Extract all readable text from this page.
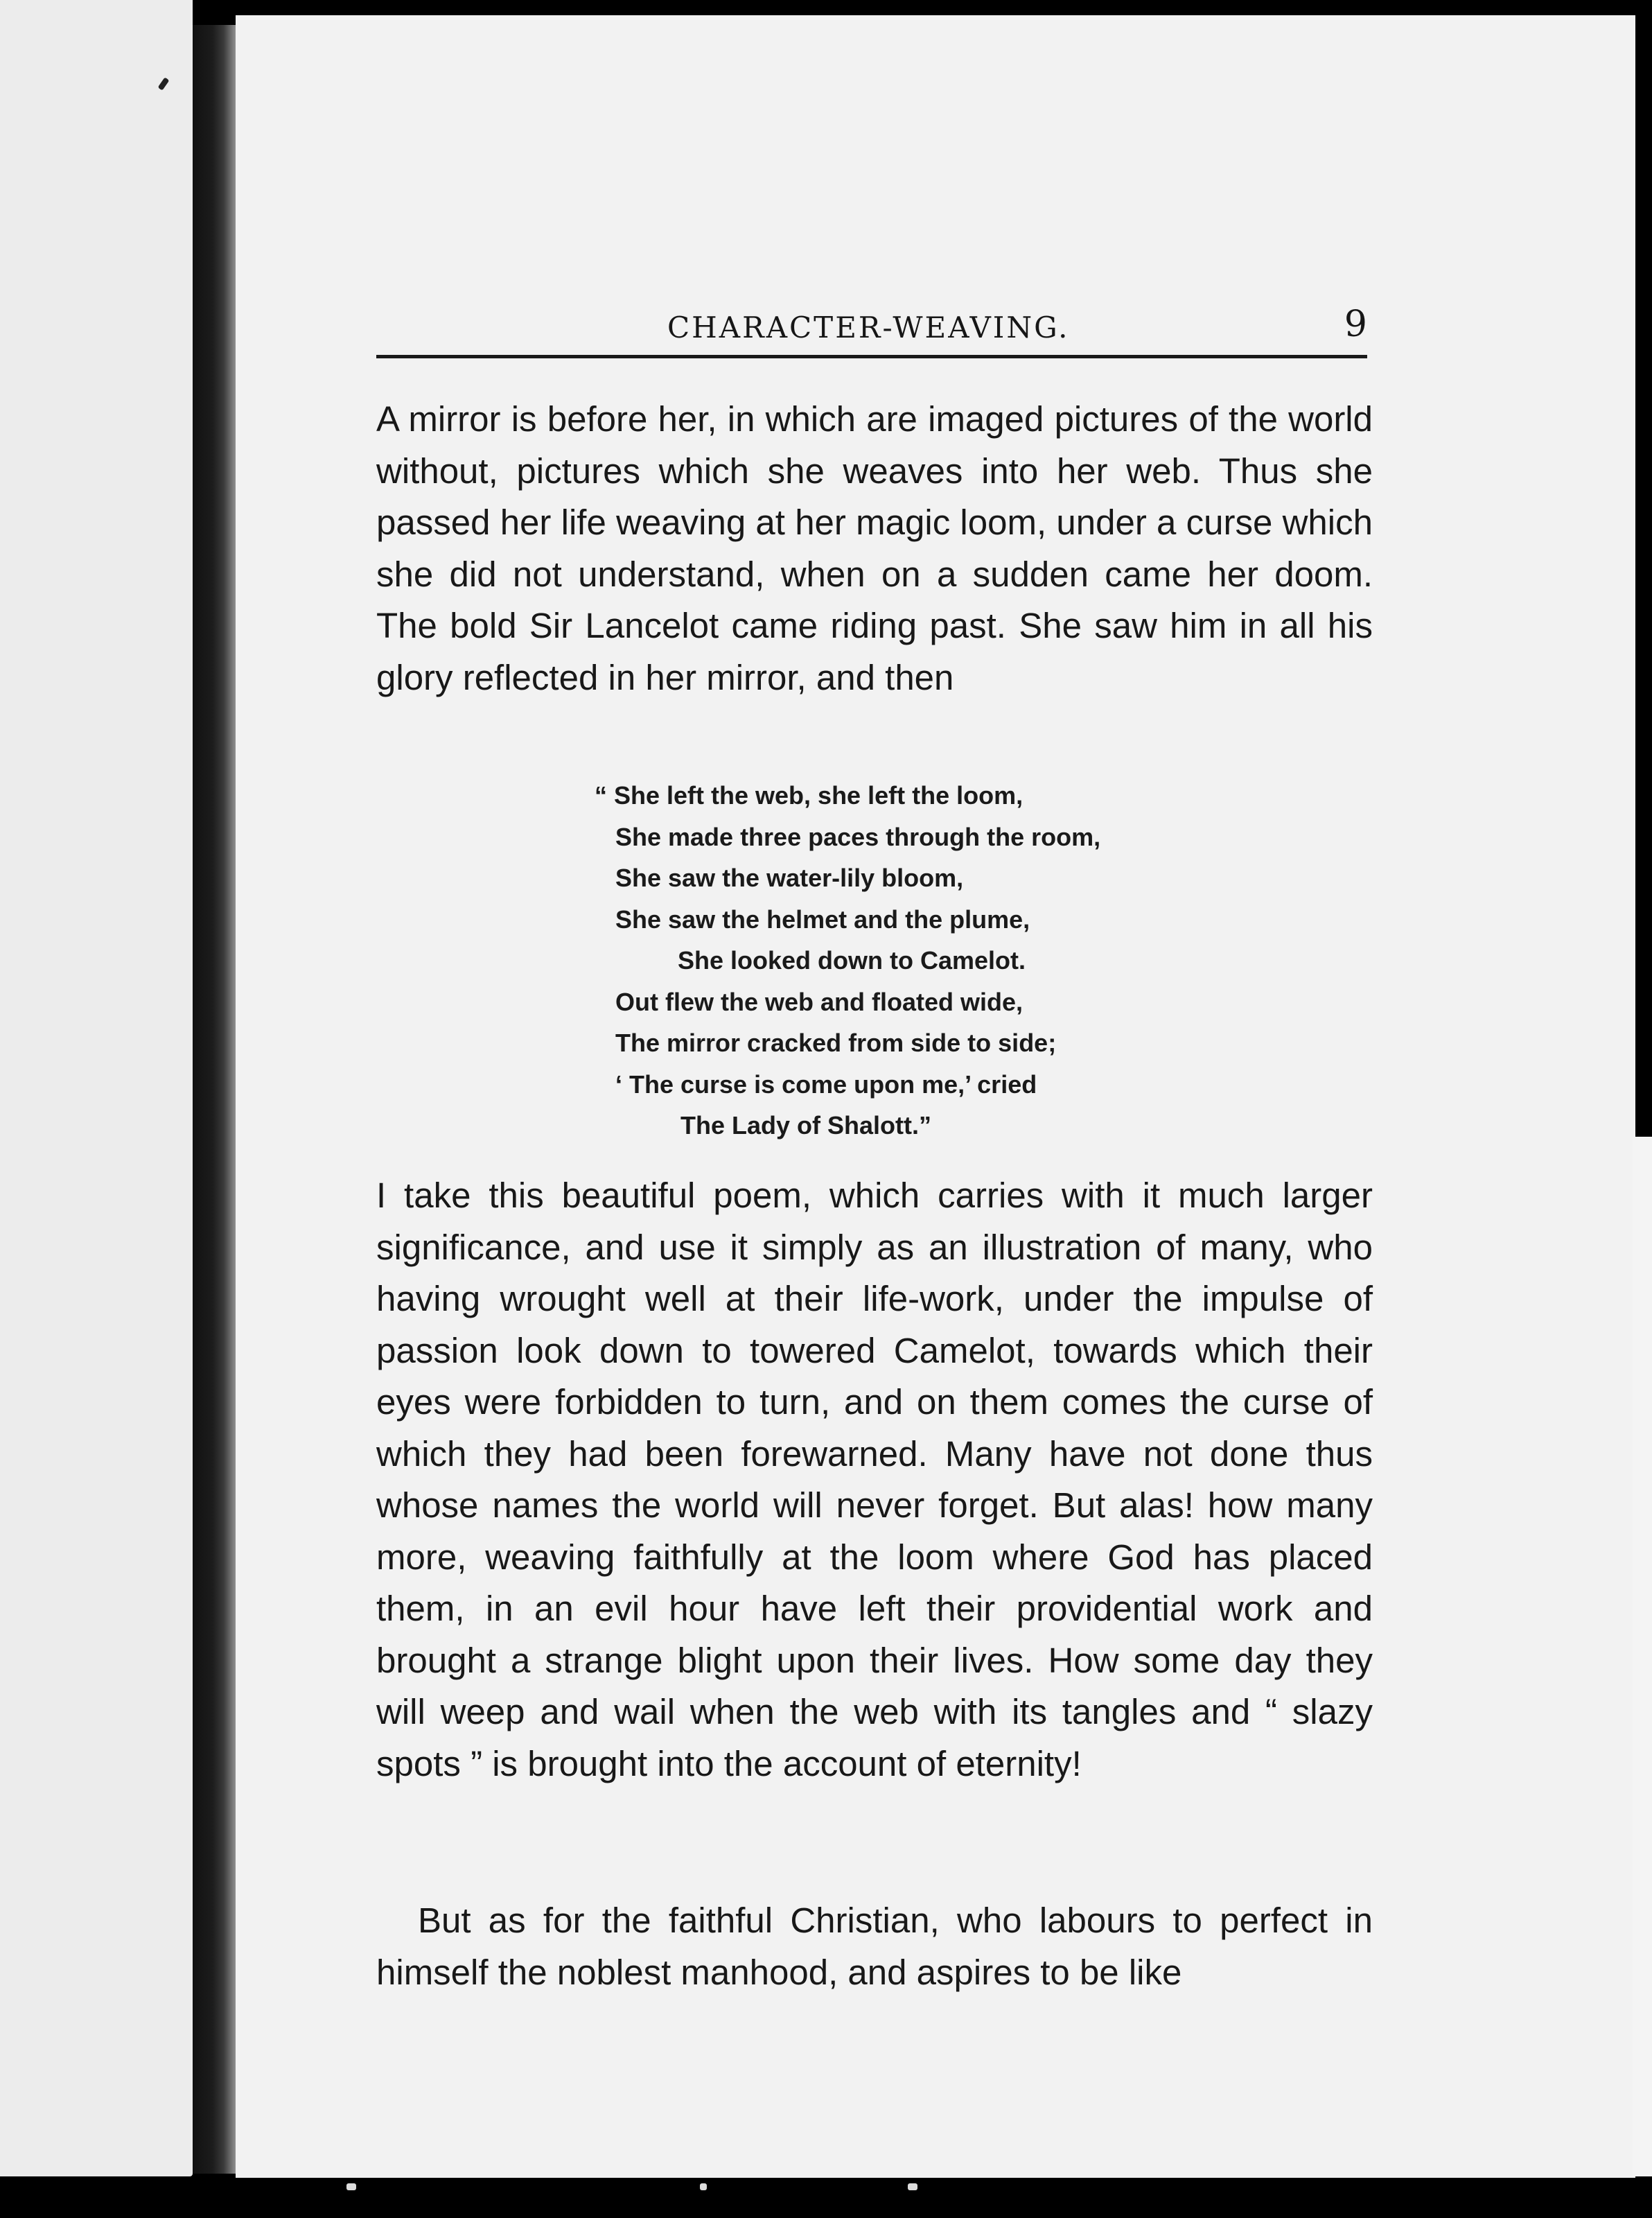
CHARACTER-WEAVING.	9

A mirror is before her, in which are imaged pictures of the world without, pictures which she weaves into her web. Thus she passed her life weaving at her magic loom, under a curse which she did not understand, when on a sudden came her doom. The bold Sir Lancelot came riding past. She saw him in all his glory reflected in her mirror, and then

“ She left the web, she left the loom,
She made three paces through the room,
She saw the water-lily bloom,
She saw the helmet and the plume,
She looked down to Camelot.
Out flew the web and floated wide,
The mirror cracked from side to side;
‘ The curse is come upon me,’ cried
The Lady of Shalott.”

I take this beautiful poem, which carries with it much larger significance, and use it simply as an illustration of many, who having wrought well at their life-work, under the impulse of passion look down to towered Camelot, towards which their eyes were forbidden to turn, and on them comes the curse of which they had been forewarned. Many have not done thus whose names the world will never forget. But alas! how many more, weaving faithfully at the loom where God has placed them, in an evil hour have left their providential work and brought a strange blight upon their lives. How some day they will weep and wail when the web with its tangles and “ slazy spots ” is brought into the account of eternity!

But as for the faithful Christian, who labours to perfect in himself the noblest manhood, and aspires to be like
